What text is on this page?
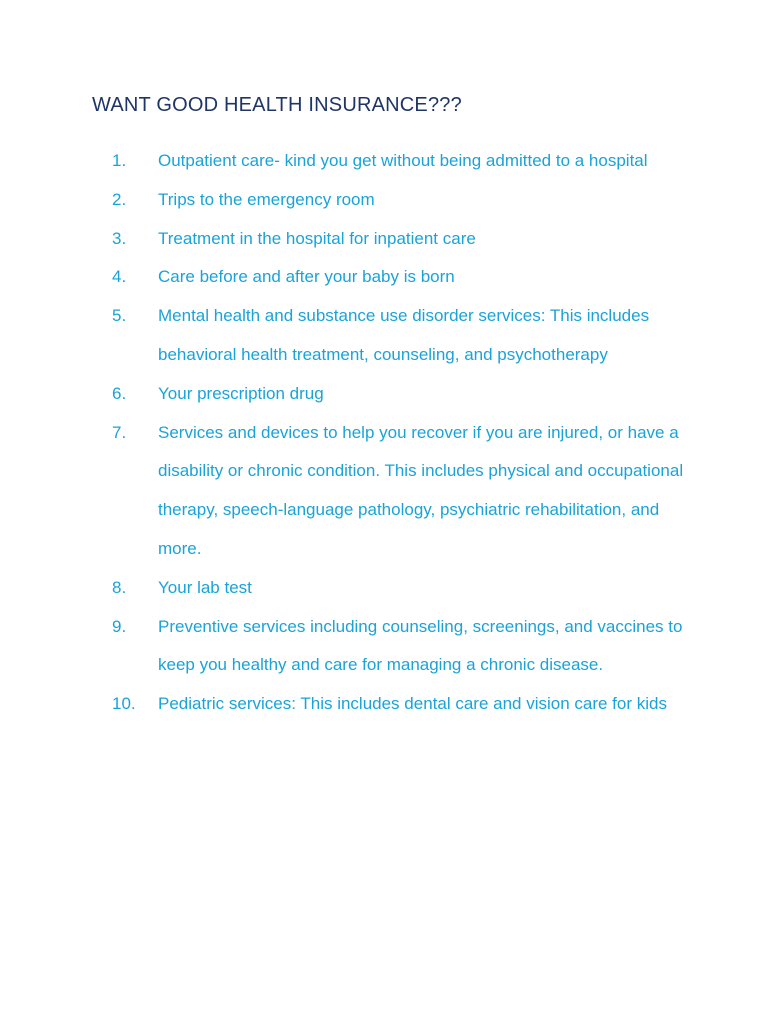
WANT GOOD HEALTH INSURANCE???
1. Outpatient care- kind you get without being admitted to a hospital
2. Trips to the emergency room
3. Treatment in the hospital for inpatient care
4. Care before and after your baby is born
5. Mental health and substance use disorder services: This includes behavioral health treatment, counseling, and psychotherapy
6. Your prescription drug
7. Services and devices to help you recover if you are injured, or have a disability or chronic condition. This includes physical and occupational therapy, speech-language pathology, psychiatric rehabilitation, and more.
8. Your lab test
9. Preventive services including counseling, screenings, and vaccines to keep you healthy and care for managing a chronic disease.
10. Pediatric services: This includes dental care and vision care for kids
